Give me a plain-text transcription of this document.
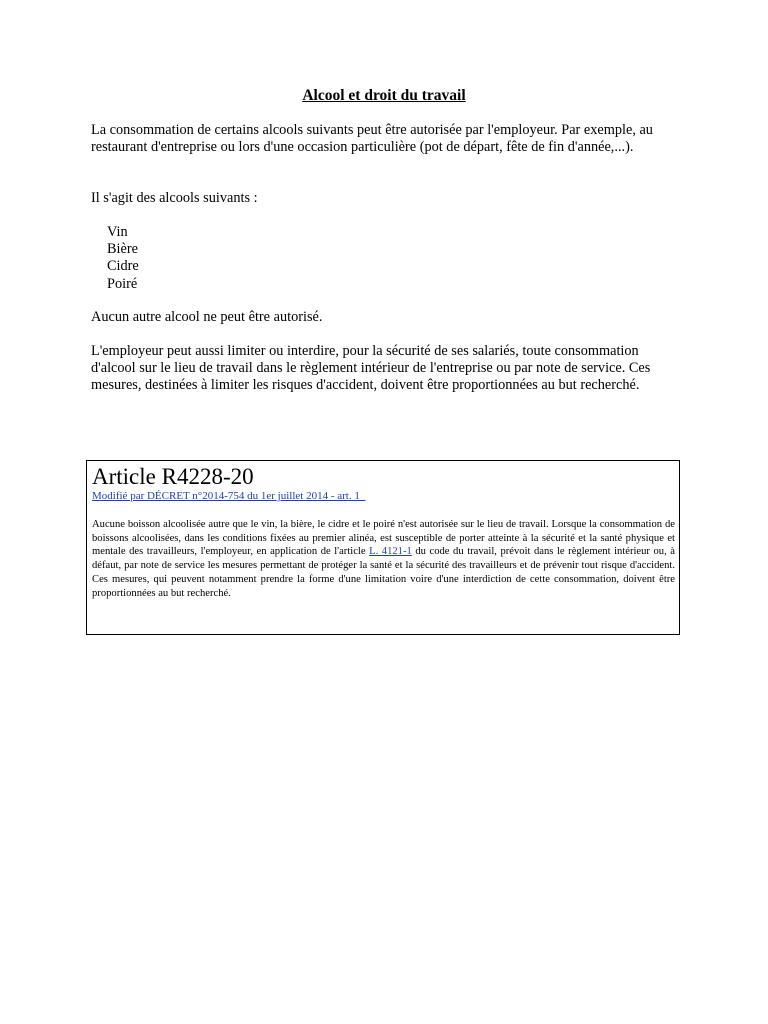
Alcool et droit du travail

La consommation de certains alcools suivants peut être autorisée par l'employeur. Par exemple, au restaurant d'entreprise ou lors d'une occasion particulière (pot de départ, fête de fin d'année,...).

Il s'agit des alcools suivants :

Vin
Bière
Cidre
Poiré

Aucun autre alcool ne peut être autorisé.

L'employeur peut aussi limiter ou interdire, pour la sécurité de ses salariés, toute consommation d'alcool sur le lieu de travail dans le règlement intérieur de l'entreprise ou par note de service. Ces mesures, destinées à limiter les risques d'accident, doivent être proportionnées au but recherché.

Article R4228-20
Modifié par DÉCRET n°2014-754 du 1er juillet 2014 - art. 1

Aucune boisson alcoolisée autre que le vin, la bière, le cidre et le poiré n'est autorisée sur le lieu de travail. Lorsque la consommation de boissons alcoolisées, dans les conditions fixées au premier alinéa, est susceptible de porter atteinte à la sécurité et la santé physique et mentale des travailleurs, l'employeur, en application de l'article L. 4121-1 du code du travail, prévoit dans le règlement intérieur ou, à défaut, par note de service les mesures permettant de protéger la santé et la sécurité des travailleurs et de prévenir tout risque d'accident. Ces mesures, qui peuvent notamment prendre la forme d'une limitation voire d'une interdiction de cette consommation, doivent être proportionnées au but recherché.
